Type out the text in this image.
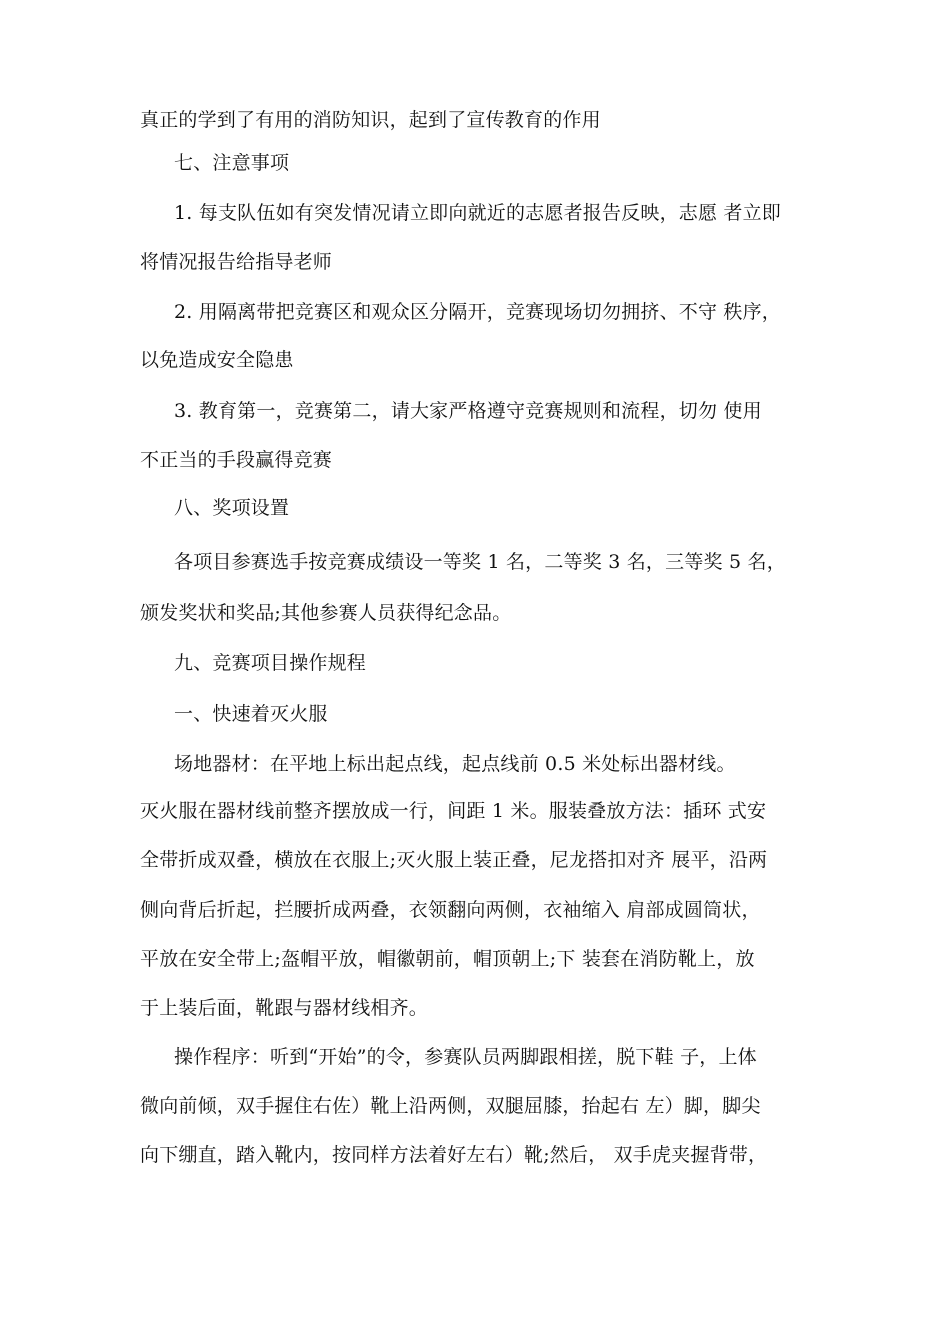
真正的学到了有用的消防知识，起到了宣传教育的作用
七、注意事项
1. 每支队伍如有突发情况请立即向就近的志愿者报告反映，志愿 者立即
将情况报告给指导老师
2. 用隔离带把竞赛区和观众区分隔开，竞赛现场切勿拥挤、不守 秩序，
以免造成安全隐患
3. 教育第一，竞赛第二，请大家严格遵守竞赛规则和流程，切勿 使用
不正当的手段赢得竞赛
八、奖项设置
各项目参赛选手按竞赛成绩设一等奖 1 名，二等奖 3 名，三等奖 5 名，
颁发奖状和奖品;其他参赛人员获得纪念品。
九、竞赛项目操作规程
一、快速着灭火服
场地器材：在平地上标出起点线，起点线前 0.5 米处标出器材线。
灭火服在器材线前整齐摆放成一行，间距 1 米。服装叠放方法：插环 式安
全带折成双叠，横放在衣服上;灭火服上装正叠，尼龙搭扣对齐 展平，沿两
侧向背后折起，拦腰折成两叠，衣领翻向两侧，衣袖缩入 肩部成圆筒状，
平放在安全带上;盔帽平放，帽徽朝前，帽顶朝上;下 装套在消防靴上，放
于上装后面，靴跟与器材线相齐。
操作程序：听到“开始”的令，参赛队员两脚跟相搓，脱下鞋 子，上体
微向前倾，双手握住右佐）靴上沿两侧，双腿屈膝，抬起右 左）脚，脚尖
向下绷直，踏入靴内，按同样方法着好左右）靴;然后， 双手虎夹握背带，
